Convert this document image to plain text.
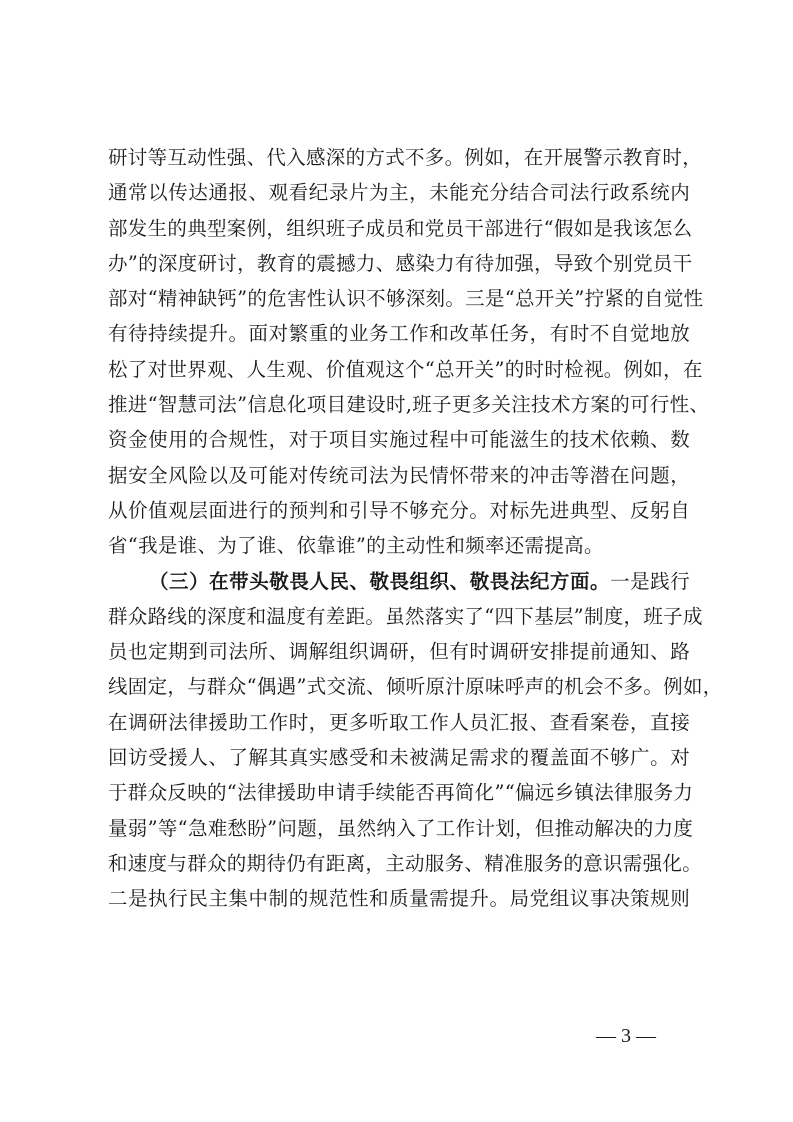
研讨等互动性强、代入感深的方式不多。例如，在开展警示教育时，
通常以传达通报、观看纪录片为主，未能充分结合司法行政系统内
部发生的典型案例，组织班子成员和党员干部进行“假如是我该怎么
办”的深度研讨，教育的震撼力、感染力有待加强，导致个别党员干
部对“精神缺钙”的危害性认识不够深刻。三是“总开关”拧紧的自觉性
有待持续提升。面对繁重的业务工作和改革任务，有时不自觉地放
松了对世界观、人生观、价值观这个“总开关”的时时检视。例如，在
推进“智慧司法”信息化项目建设时,班子更多关注技术方案的可行性、
资金使用的合规性，对于项目实施过程中可能滋生的技术依赖、数
据安全风险以及可能对传统司法为民情怀带来的冲击等潜在问题，
从价值观层面进行的预判和引导不够充分。对标先进典型、反躬自
省“我是谁、为了谁、依靠谁”的主动性和频率还需提高。
（三）在带头敬畏人民、敬畏组织、敬畏法纪方面。一是践行
群众路线的深度和温度有差距。虽然落实了“四下基层”制度，班子成
员也定期到司法所、调解组织调研，但有时调研安排提前通知、路
线固定，与群众“偶遇”式交流、倾听原汁原味呼声的机会不多。例如，
在调研法律援助工作时，更多听取工作人员汇报、查看案卷，直接
回访受援人、了解其真实感受和未被满足需求的覆盖面不够广。对
于群众反映的“法律援助申请手续能否再简化”“偏远乡镇法律服务力
量弱”等“急难愁盼”问题，虽然纳入了工作计划，但推动解决的力度
和速度与群众的期待仍有距离，主动服务、精准服务的意识需强化。
二是执行民主集中制的规范性和质量需提升。局党组议事决策规则
— 3 —
